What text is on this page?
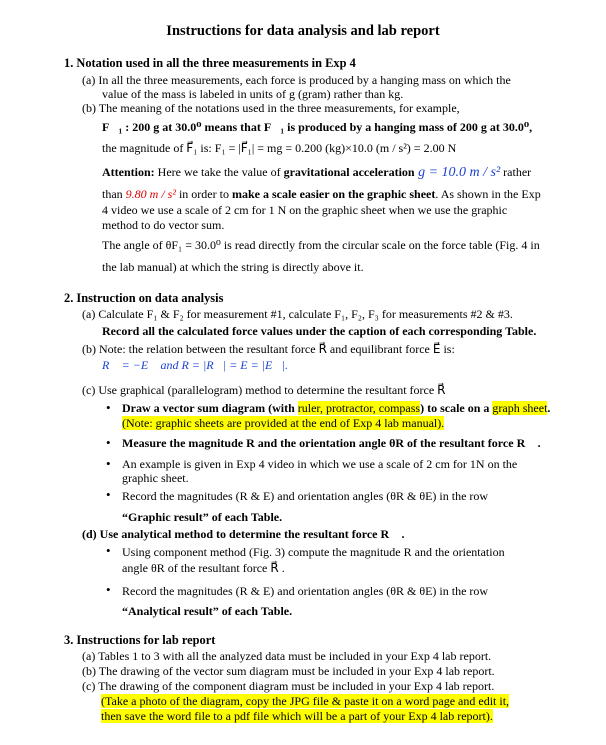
Instructions for data analysis and lab report
1. Notation used in all the three measurements in Exp 4
(a) In all the three measurements, each force is produced by a hanging mass on which the
value of the mass is labeled in units of g (gram) rather than kg.
(b) The meaning of the notations used in the three measurements, for example,
F⃗₁ : 200 g at 30.0⁰ means that F⃗₁ is produced by a hanging mass of 200 g at 30.0⁰,
the magnitude of F⃗₁ is: F₁ = |F⃗₁| = mg = 0.200 (kg)×10.0 (m / s²) = 2.00 N
Attention: Here we take the value of gravitational acceleration g = 10.0 m / s² rather
than 9.80 m / s² in order to make a scale easier on the graphic sheet. As shown in the Exp
4 video we use a scale of 2 cm for 1 N on the graphic sheet when we use the graphic
method to do vector sum.
The angle of θF₁ = 30.0⁰ is read directly from the circular scale on the force table (Fig. 4 in
the lab manual) at which the string is directly above it.
2. Instruction on data analysis
(a) Calculate F₁ & F₂ for measurement #1, calculate F₁, F₂, F₃ for measurements #2 & #3.
Record all the calculated force values under the caption of each corresponding Table.
(b) Note: the relation between the resultant force R⃗ and equilibrant force E⃗ is:
R⃗ = −E⃗ and R = |R⃗| = E = |E⃗|.
(c) Use graphical (parallelogram) method to determine the resultant force R⃗
• Draw a vector sum diagram (with ruler, protractor, compass) to scale on a graph sheet.
(Note: graphic sheets are provided at the end of Exp 4 lab manual).
• Measure the magnitude R and the orientation angle θR of the resultant force R⃗ .
• An example is given in Exp 4 video in which we use a scale of 2 cm for 1N on the
graphic sheet.
• Record the magnitudes (R & E) and orientation angles (θR & θE) in the row
“Graphic result” of each Table.
(d) Use analytical method to determine the resultant force R⃗ .
• Using component method (Fig. 3) compute the magnitude R and the orientation
angle θR of the resultant force R⃗ .
• Record the magnitudes (R & E) and orientation angles (θR & θE) in the row
“Analytical result” of each Table.
3. Instructions for lab report
(a) Tables 1 to 3 with all the analyzed data must be included in your Exp 4 lab report.
(b) The drawing of the vector sum diagram must be included in your Exp 4 lab report.
(c) The drawing of the component diagram must be included in your Exp 4 lab report.
(Take a photo of the diagram, copy the JPG file & paste it on a word page and edit it,
then save the word file to a pdf file which will be a part of your Exp 4 lab report).
